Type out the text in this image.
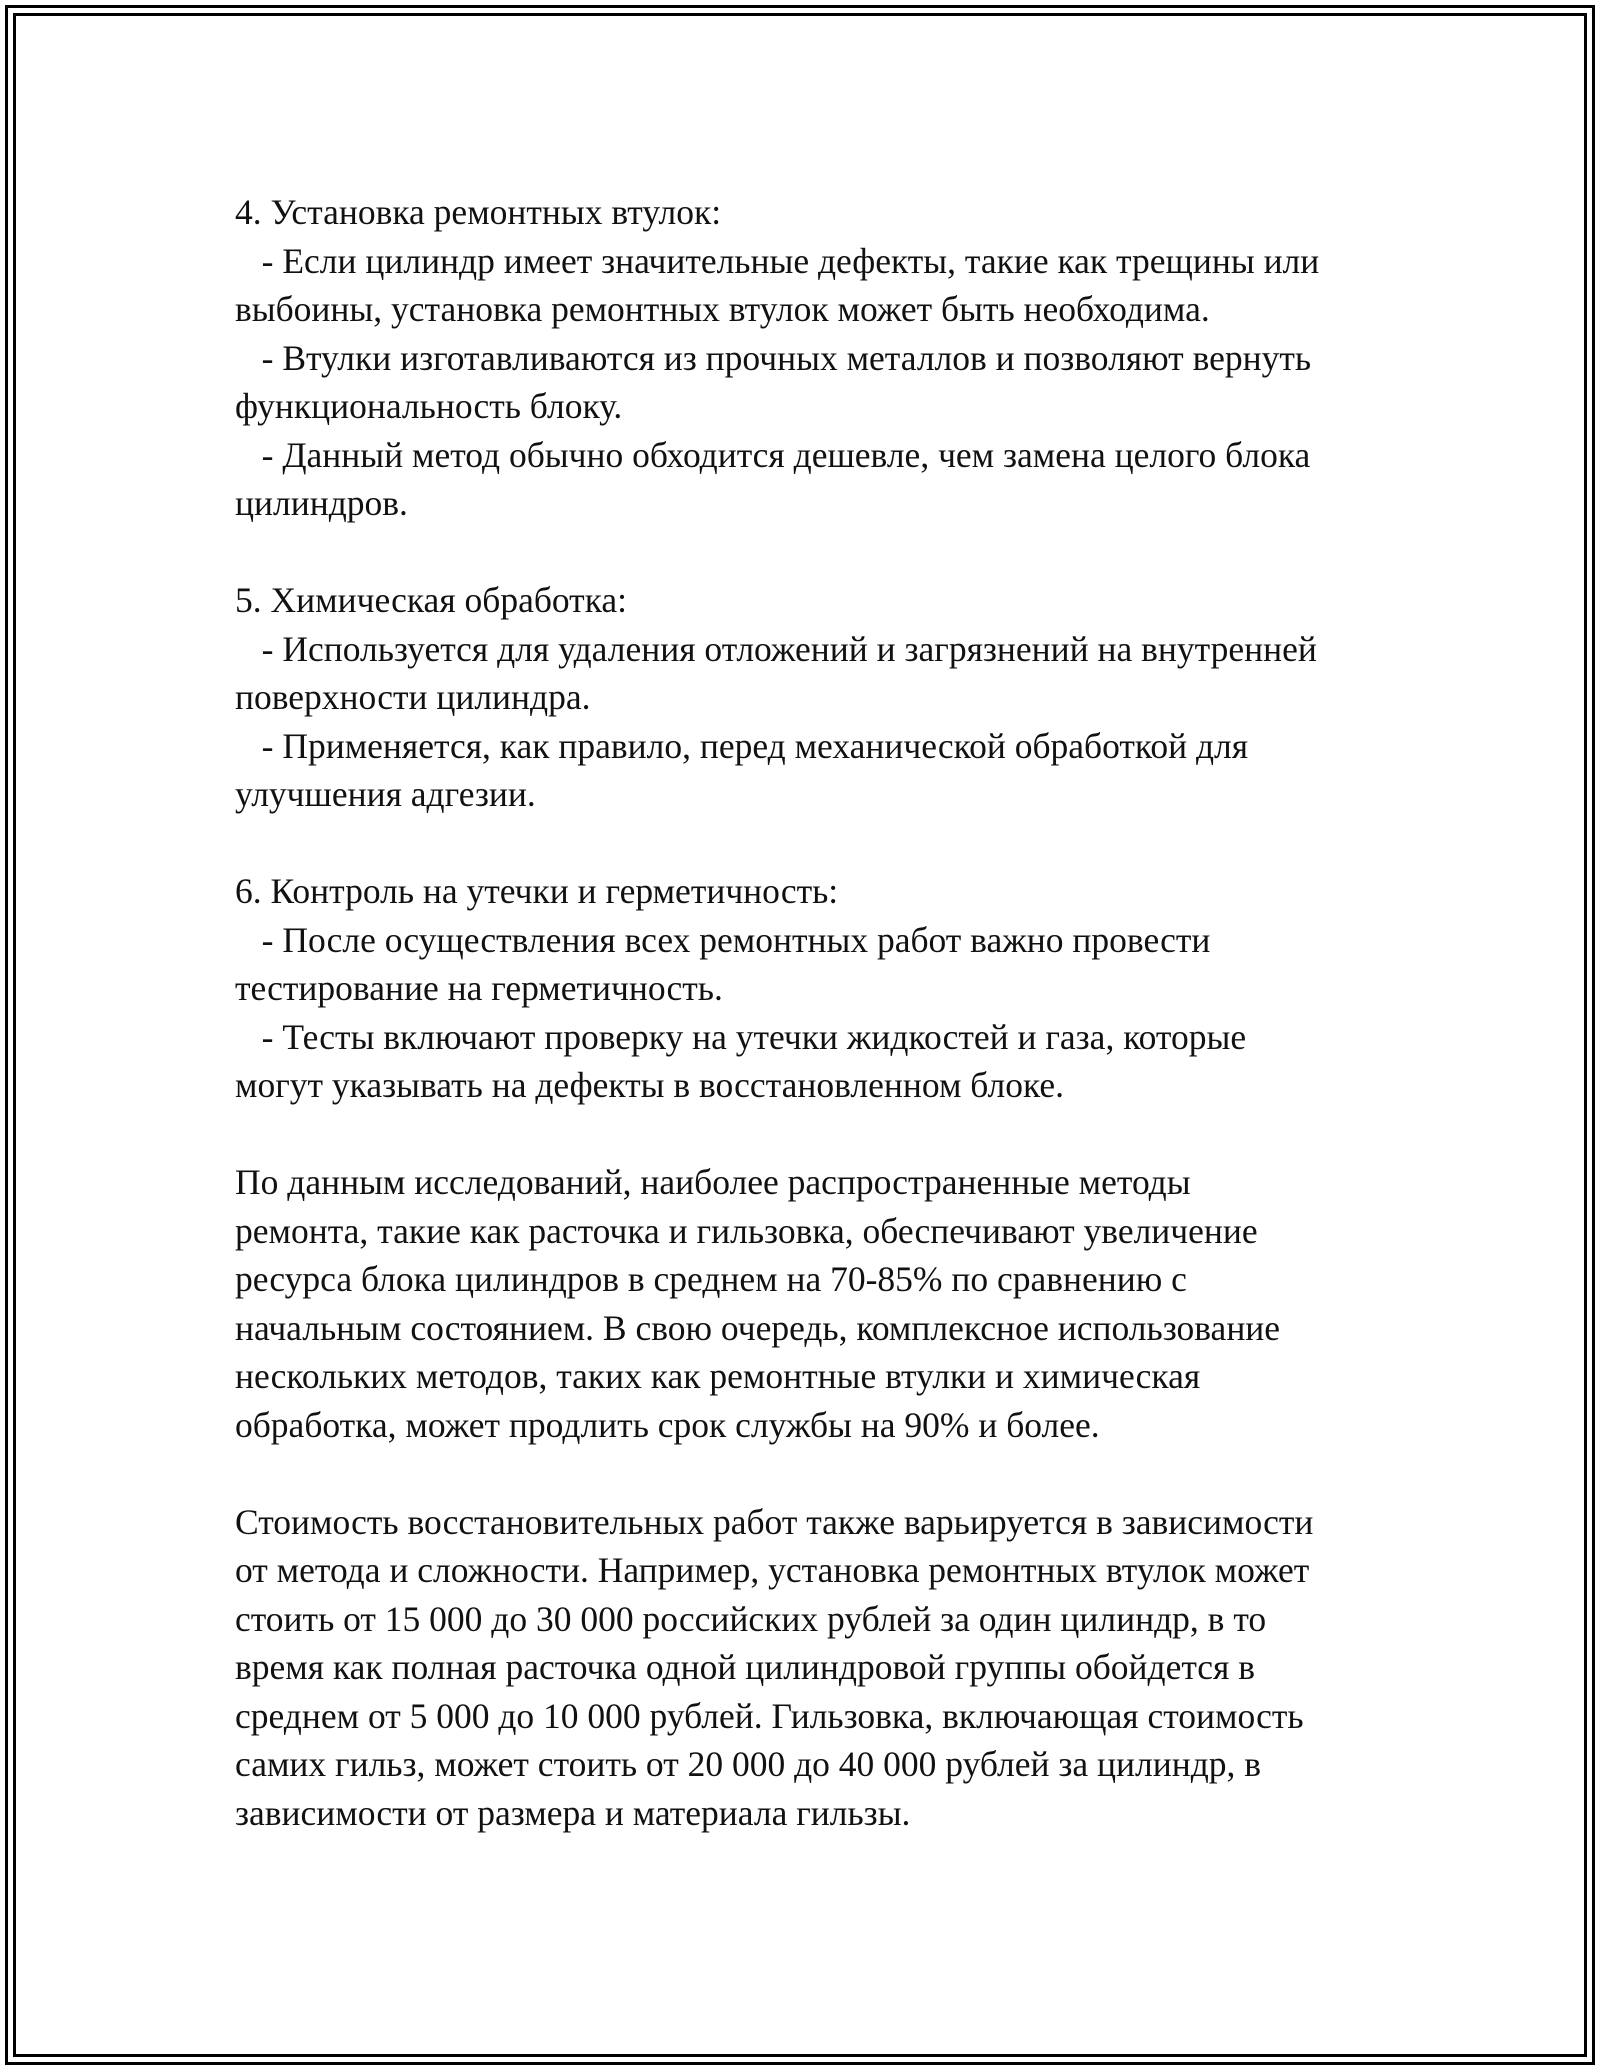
4. Установка ремонтных втулок:
- Если цилиндр имеет значительные дефекты, такие как трещины или
выбоины, установка ремонтных втулок может быть необходима.
- Втулки изготавливаются из прочных металлов и позволяют вернуть
функциональность блоку.
- Данный метод обычно обходится дешевле, чем замена целого блока
цилиндров.
5. Химическая обработка:
- Используется для удаления отложений и загрязнений на внутренней
поверхности цилиндра.
- Применяется, как правило, перед механической обработкой для
улучшения адгезии.
6. Контроль на утечки и герметичность:
- После осуществления всех ремонтных работ важно провести
тестирование на герметичность.
- Тесты включают проверку на утечки жидкостей и газа, которые
могут указывать на дефекты в восстановленном блоке.
По данным исследований, наиболее распространенные методы
ремонта, такие как расточка и гильзовка, обеспечивают увеличение
ресурса блока цилиндров в среднем на 70-85% по сравнению с
начальным состоянием. В свою очередь, комплексное использование
нескольких методов, таких как ремонтные втулки и химическая
обработка, может продлить срок службы на 90% и более.
Стоимость восстановительных работ также варьируется в зависимости
от метода и сложности. Например, установка ремонтных втулок может
стоить от 15 000 до 30 000 российских рублей за один цилиндр, в то
время как полная расточка одной цилиндровой группы обойдется в
среднем от 5 000 до 10 000 рублей. Гильзовка, включающая стоимость
самих гильз, может стоить от 20 000 до 40 000 рублей за цилиндр, в
зависимости от размера и материала гильзы.
